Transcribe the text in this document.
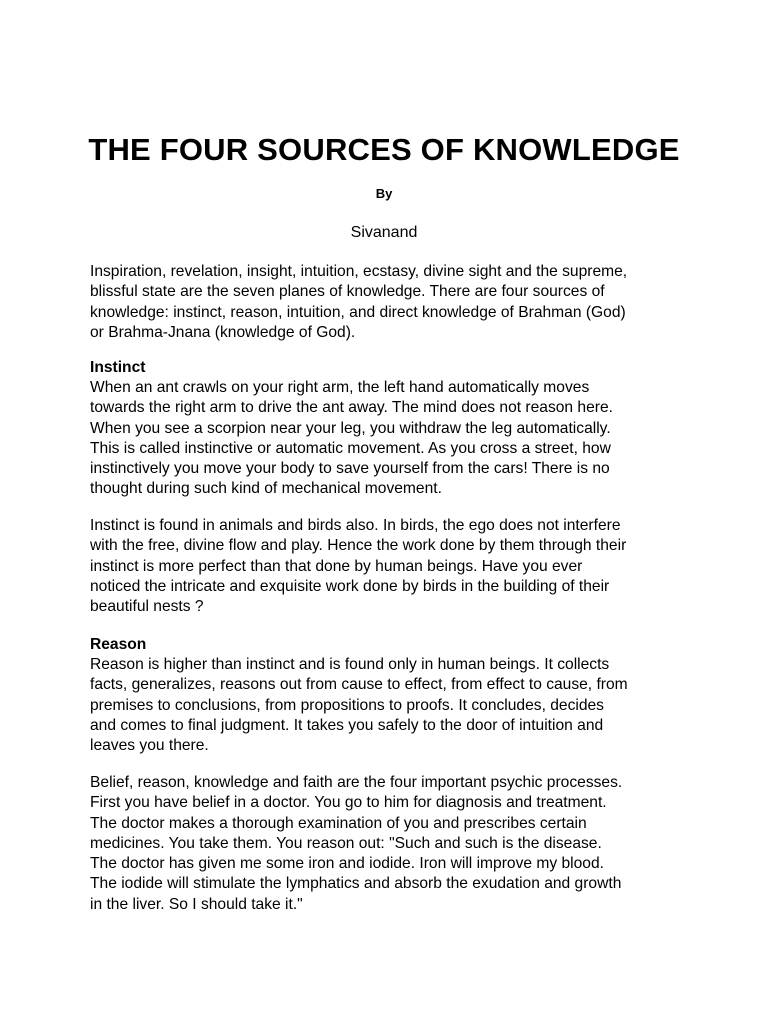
THE FOUR SOURCES OF KNOWLEDGE
By
Sivanand

Inspiration, revelation, insight, intuition, ecstasy, divine sight and the supreme,
blissful state are the seven planes of knowledge. There are four sources of
knowledge: instinct, reason, intuition, and direct knowledge of Brahman (God)
or Brahma-Jnana (knowledge of God).

Instinct

When an ant crawls on your right arm, the left hand automatically moves
towards the right arm to drive the ant away. The mind does not reason here.
When you see a scorpion near your leg, you withdraw the leg automatically.
This is called instinctive or automatic movement. As you cross a street, how
instinctively you move your body to save yourself from the cars! There is no
thought during such kind of mechanical movement.

Instinct is found in animals and birds also. In birds, the ego does not interfere
with the free, divine flow and play. Hence the work done by them through their
instinct is more perfect than that done by human beings. Have you ever
noticed the intricate and exquisite work done by birds in the building of their
beautiful nests ?

Reason

Reason is higher than instinct and is found only in human beings. It collects
facts, generalizes, reasons out from cause to effect, from effect to cause, from
premises to conclusions, from propositions to proofs. It concludes, decides
and comes to final judgment. It takes you safely to the door of intuition and
leaves you there.

Belief, reason, knowledge and faith are the four important psychic processes.
First you have belief in a doctor. You go to him for diagnosis and treatment.
The doctor makes a thorough examination of you and prescribes certain
medicines. You take them. You reason out: "Such and such is the disease.
The doctor has given me some iron and iodide. Iron will improve my blood.
The iodide will stimulate the lymphatics and absorb the exudation and growth
in the liver. So I should take it."
